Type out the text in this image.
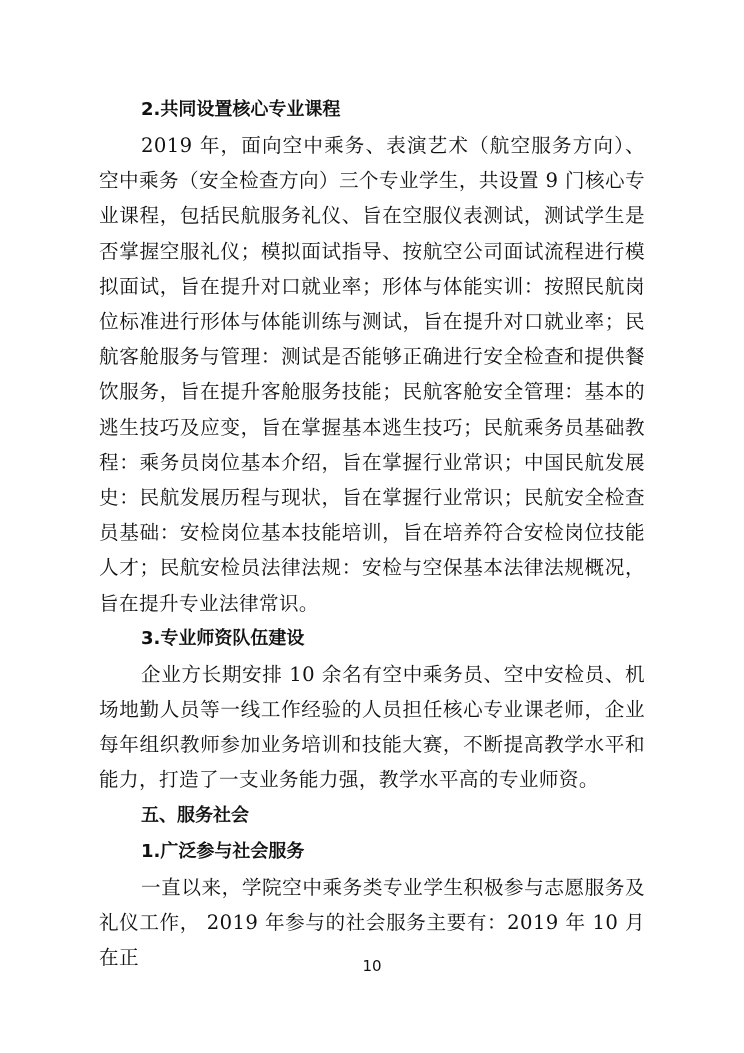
2.共同设置核心专业课程

2019 年，面向空中乘务、表演艺术（航空服务方向）、空中乘务（安全检查方向）三个专业学生，共设置 9 门核心专业课程，包括民航服务礼仪、旨在空服仪表测试，测试学生是否掌握空服礼仪；模拟面试指导、按航空公司面试流程进行模拟面试，旨在提升对口就业率；形体与体能实训：按照民航岗位标准进行形体与体能训练与测试，旨在提升对口就业率；民航客舱服务与管理：测试是否能够正确进行安全检查和提供餐饮服务，旨在提升客舱服务技能；民航客舱安全管理：基本的逃生技巧及应变，旨在掌握基本逃生技巧；民航乘务员基础教程：乘务员岗位基本介绍，旨在掌握行业常识；中国民航发展史：民航发展历程与现状，旨在掌握行业常识；民航安全检查员基础：安检岗位基本技能培训，旨在培养符合安检岗位技能人才；民航安检员法律法规：安检与空保基本法律法规概况，旨在提升专业法律常识。

3.专业师资队伍建设

企业方长期安排 10 余名有空中乘务员、空中安检员、机场地勤人员等一线工作经验的人员担任核心专业课老师，企业每年组织教师参加业务培训和技能大赛，不断提高教学水平和能力，打造了一支业务能力强，教学水平高的专业师资。

五、服务社会
1.广泛参与社会服务

一直以来，学院空中乘务类专业学生积极参与志愿服务及礼仪工作， 2019 年参与的社会服务主要有：2019 年 10 月在正	10
